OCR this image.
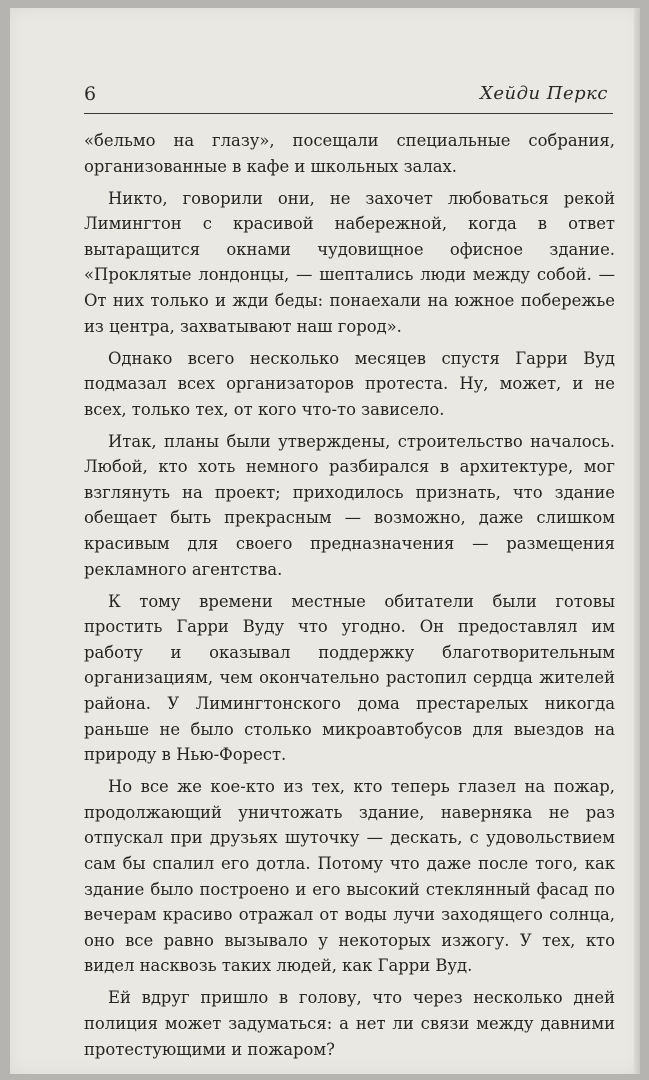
6	Хейди Перкс

«бельмо на глазу», посещали специальные собрания, организованные в кафе и школьных залах.

Никто, говорили они, не захочет любоваться рекой Лимингтон с красивой набережной, когда в ответ вытаращится окнами чудовищное офисное здание. «Проклятые лондонцы, — шептались люди между собой. — От них только и жди беды: понаехали на южное побережье из центра, захватывают наш город».

Однако всего несколько месяцев спустя Гарри Вуд подмазал всех организаторов протеста. Ну, может, и не всех, только тех, от кого что-то зависело.

Итак, планы были утверждены, строительство началось. Любой, кто хоть немного разбирался в архитектуре, мог взглянуть на проект; приходилось признать, что здание обещает быть прекрасным — возможно, даже слишком красивым для своего предназначения — размещения рекламного агентства.

К тому времени местные обитатели были готовы простить Гарри Вуду что угодно. Он предоставлял им работу и оказывал поддержку благотворительным организациям, чем окончательно растопил сердца жителей района. У Лимингтонского дома престарелых никогда раньше не было столько микроавтобусов для выездов на природу в Нью-Форест.

Но все же кое-кто из тех, кто теперь глазел на пожар, продолжающий уничтожать здание, наверняка не раз отпускал при друзьях шуточку — дескать, с удовольствием сам бы спалил его дотла. Потому что даже после того, как здание было построено и его высокий стеклянный фасад по вечерам красиво отражал от воды лучи заходящего солнца, оно все равно вызывало у некоторых изжогу. У тех, кто видел насквозь таких людей, как Гарри Вуд.

Ей вдруг пришло в голову, что через несколько дней полиция может задуматься: а нет ли связи между давними протестующими и пожаром?
